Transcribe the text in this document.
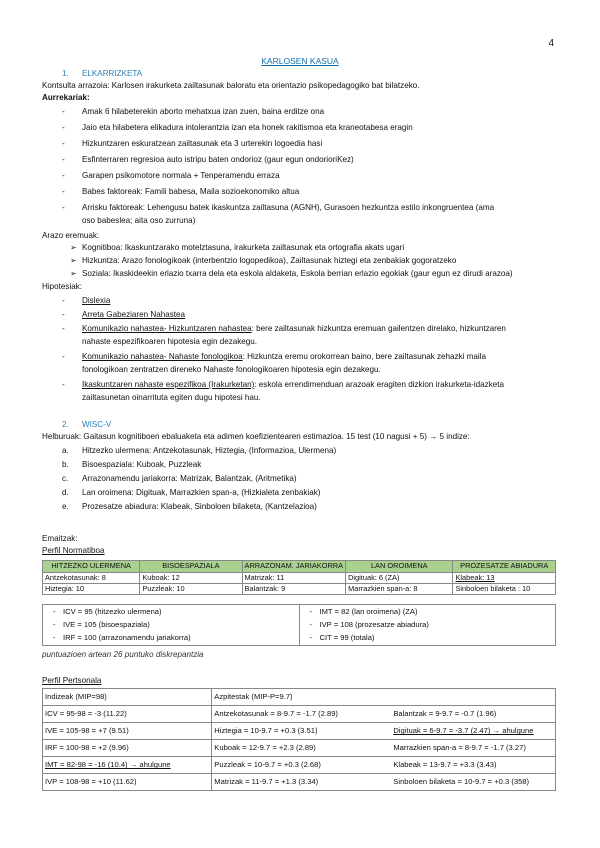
4
KARLOSEN KASUA
1. ELKARRIZKETA
Kontsulta arrazoia: Karlosen irakurketa zailtasunak baloratu eta orientazio psikopedagogiko bat bilatzeko.
Aurrekariak:
- Amak 6 hilabeterekin aborto mehatxua izan zuen, baina erditze ona
- Jaio eta hilabetera elikadura intolerantzia izan eta honek rakitismoa eta kraneotabesa eragin
- Hizkuntzaren eskuratzean zailtasunak eta 3 urterekin logoedia hasi
- Esfinterraren regresioa auto istripu baten ondorioz (gaur egun ondorioriKez)
- Garapen psikomotore normala + Tenperamendu erraza
- Babes faktoreak: Famili babesa, Maila sozioekonomiko altua
- Arrisku faktoreak: Lehengusu batek ikaskuntza zailtasuna (AGNH), Gurasoen hezkuntza estilo inkongruentea (ama
oso babeslea; aita oso zurruna)
Arazo eremuak:
➢ Kognitiboa: Ikaskuntzarako motelztasuna, irakurketa zailtasunak eta ortografia akats ugari
➢ Hizkuntza: Arazo fonologikoak (interbentzio logopedikoa), Zailtasunak hiztegi eta zenbakiak gogoratzeko
➢ Soziala: Ikaskideekin erlazio txarra dela eta eskola aldaketa, Eskola berrian erlazio egokiak (gaur egun ez dirudi arazoa)
Hipotesiak:
- Dislexia
- Arreta Gabeziaren Nahastea
- Komunikazio nahastea- Hizkuntzaren nahastea: bere zailtasunak hizkuntza eremuan gailentzen direlako, hizkuntzaren
nahaste espezifikoaren hipotesia egin dezakegu.
- Komunikazio nahastea- Nahaste fonologikoa: Hizkuntza eremu orokorrean baino, bere zailtasunak zehazki maila
fonologikoan zentratzen direneko Nahaste fonologikoaren hipotesia egin dezakegu.
- Ikaskuntzaren nahaste espezifikoa (Irakurketan): eskola errendimenduan arazoak eragiten dizkion irakurketa-idazketa
zailtasunetan oinarrituta egiten dugu hipotesi hau.
2. WISC-V
Helburuak: Gaitasun kognitiboen ebaluaketa eta adimen koefizientearen estimazioa. 15 test (10 nagusi + 5) → 5 indize:
a. Hitzezko ulermena: Antzekotasunak, Hiztegia, (Informazioa, Ulermena)
b. Bisoespaziala: Kuboak, Puzzleak
c. Arrazonamendu jariakorra: Matrizak, Balantzak, (Aritmetika)
d. Lan oroimena: Digituak, Marrazkien span-a, (Hizkialeta zenbakiak)
e. Prozesatze abiadura: Klabeak, Sinboloen bilaketa, (Kantzelazioa)
Emaitzak:
Perfil Normatiboa
HITZEZKO ULERMENA	BISOESPAZIALA	ARRAZONAM. JARIAKORRA	LAN OROIMENA	PROZESATZE ABIADURA
Antzekotasunak: 8	Kuboak: 12	Matrizak: 11	Digituak: 6 (ZA)	Klabeak: 13
Hiztegia: 10	Puzzleak: 10	Balantzak: 9	Marrazkien span-a: 8	Sinboloen bilaketa : 10
- ICV = 95 (hitzezko ulermena)
- IVE = 105 (bisoespaziala)
- IRF = 100 (arrazonamendu jariakorra)

- IMT = 82 (lan oroimena) (ZA)
- IVP = 108 (prozesatze abiadura)
- CIT = 99 (totala)
puntuazioen artean 26 puntuko diskrepantzia
Perfil Pertsonala
Indizeak (MIP=98)	Azpitestak (MIP-P=9.7)	
ICV = 95-98 = -3 (11.22)	Antzekotasunak = 8-9.7 = -1.7 (2.89)	Balantzak = 9-9.7 = -0.7 (1.96)
IVE = 105-98 = +7 (9.51)	Hiztegia = 10-9.7 = +0.3 (3.51)	Digituak = 6-9.7 = -3.7 (2.47) → ahulgune
IRF = 100-98 = +2 (9.96)	Kuboak = 12-9.7 = +2.3 (2.89)	Marrazkien span-a = 8-9.7 = -1.7 (3.27)
IMT = 82-98 = -16 (10.4) → ahulgune	Puzzleak = 10-9.7 = +0.3 (2.68)	Klabeak = 13-9.7 = +3.3 (3.43)
IVP = 108-98 = +10 (11.62)	Matrizak = 11-9.7 = +1.3 (3.34)	Sinboloen bilaketa = 10-9.7 = +0.3 (358)
